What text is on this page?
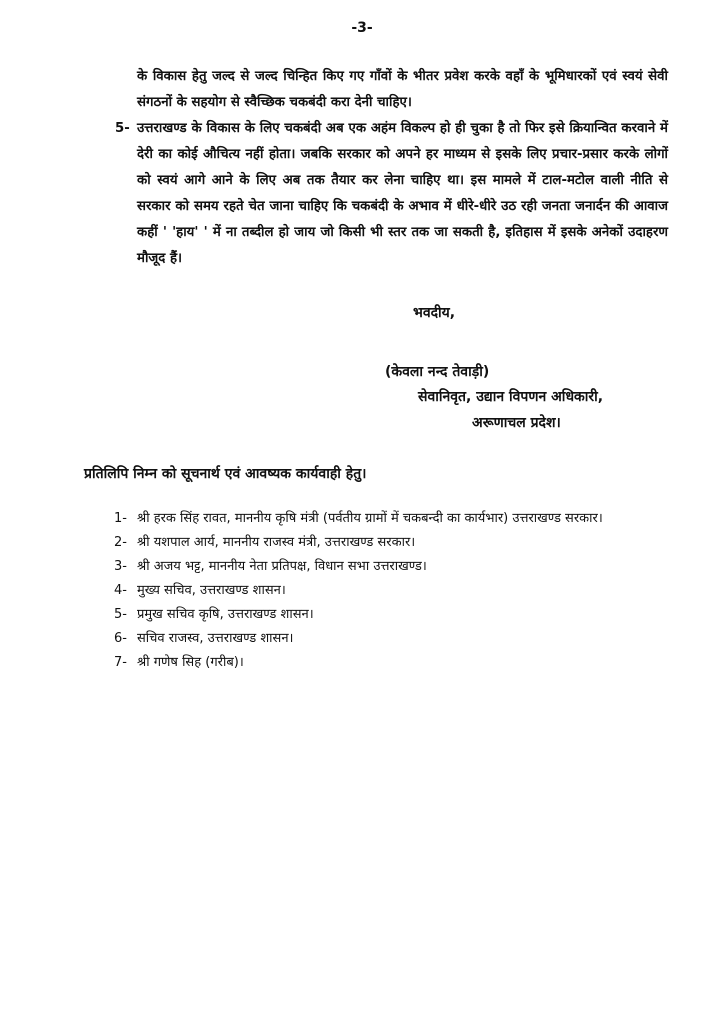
-3-

के विकास हेतु जल्द से जल्द चिन्हित किए गए गाँवों के भीतर प्रवेश करके वहाँ के भूमिधारकों एवं स्वयं सेवी संगठनों के सहयोग से स्वैच्छिक चकबंदी करा देनी चाहिए।

5- उत्तराखण्ड के विकास के लिए चकबंदी अब एक अहंम विकल्प हो ही चुका है तो फिर इसे क्रियान्वित करवाने में देरी का कोई औचित्य नहीं होता। जबकि सरकार को अपने हर माध्यम से इसके लिए प्रचार-प्रसार करके लोगों को स्वयं आगे आने के लिए अब तक तैयार कर लेना चाहिए था। इस मामले में टाल-मटोल वाली नीति से सरकार को समय रहते चेत जाना चाहिए कि चकबंदी के अभाव में धीरे-धीरे उठ रही जनता जनार्दन की आवाज कहीं ' 'हाय' ' में ना तब्दील हो जाय जो किसी भी स्तर तक जा सकती है, इतिहास में इसके अनेकों उदाहरण मौजूद हैं।

भवदीय,
(केवला नन्द तेवाड़ी)
सेवानिवृत, उद्यान विपणन अधिकारी,
अरूणाचल प्रदेश।
प्रतिलिपि निम्न को सूचनार्थ एवं आवष्यक कार्यवाही हेतु।
1- श्री हरक सिंह रावत, माननीय कृषि मंत्री (पर्वतीय ग्रामों में चकबन्दी का कार्यभार) उत्तराखण्ड सरकार।
2- श्री यशपाल आर्य, माननीय राजस्व मंत्री, उत्तराखण्ड सरकार।
3- श्री अजय भट्ट, माननीय नेता प्रतिपक्ष, विधान सभा उत्तराखण्ड।
4- मुख्य सचिव, उत्तराखण्ड शासन।
5- प्रमुख सचिव कृषि, उत्तराखण्ड शासन।
6- सचिव राजस्व, उत्तराखण्ड शासन।
7- श्री गणेष सिह (गरीब)।
